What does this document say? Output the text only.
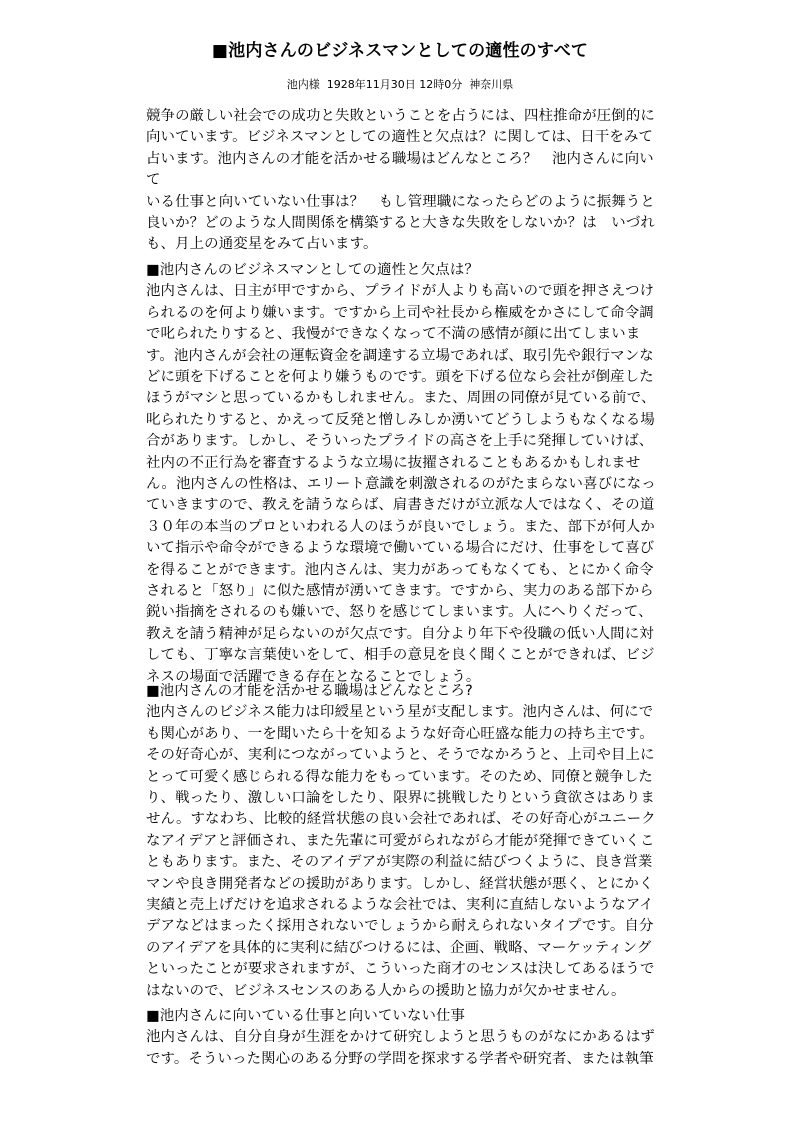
■池内さんのビジネスマンとしての適性のすべて
池内様  1928年11月30日 12時0分  神奈川県
競争の厳しい社会での成功と失敗ということを占うには、四柱推命が圧倒的に
向いています。ビジネスマンとしての適性と欠点は？に関しては、日干をみて
占います。池内さんの才能を活かせる職場はどんなところ？　池内さんに向いて
いる仕事と向いていない仕事は？　もし管理職になったらどのように振舞うと
良いか？どのような人間関係を構築すると大きな失敗をしないか？は　いづれ
も、月上の通変星をみて占います。
■池内さんのビジネスマンとしての適性と欠点は？
池内さんは、日主が甲ですから、プライドが人よりも高いので頭を押さえつけ
られるのを何より嫌います。ですから上司や社長から権威をかさにして命令調
で叱られたりすると、我慢ができなくなって不満の感情が顔に出てしまいま
す。池内さんが会社の運転資金を調達する立場であれば、取引先や銀行マンな
どに頭を下げることを何より嫌うものです。頭を下げる位なら会社が倒産した
ほうがマシと思っているかもしれません。また、周囲の同僚が見ている前で、
叱られたりすると、かえって反発と憎しみしか湧いてどうしようもなくなる場
合があります。しかし、そういったプライドの高さを上手に発揮していけば、
社内の不正行為を審査するような立場に抜擢されることもあるかもしれませ
ん。池内さんの性格は、エリート意識を刺激されるのがたまらない喜びになっ
ていきますので、教えを請うならば、肩書きだけが立派な人ではなく、その道
３０年の本当のプロといわれる人のほうが良いでしょう。また、部下が何人か
いて指示や命令ができるような環境で働いている場合にだけ、仕事をして喜び
を得ることができます。池内さんは、実力があってもなくても、とにかく命令
されると「怒り」に似た感情が湧いてきます。ですから、実力のある部下から
鋭い指摘をされるのも嫌いで、怒りを感じてしまいます。人にへりくだって、
教えを請う精神が足らないのが欠点です。自分より年下や役職の低い人間に対
しても、丁寧な言葉使いをして、相手の意見を良く聞くことができれば、ビジ
ネスの場面で活躍できる存在となることでしょう。
■池内さんの才能を活かせる職場はどんなところ?
池内さんのビジネス能力は印綬星という星が支配します。池内さんは、何にで
も関心があり、一を聞いたら十を知るような好奇心旺盛な能力の持ち主です。
その好奇心が、実利につながっていようと、そうでなかろうと、上司や目上に
とって可愛く感じられる得な能力をもっています。そのため、同僚と競争した
り、戦ったり、激しい口論をしたり、限界に挑戦したりという貪欲さはありま
せん。すなわち、比較的経営状態の良い会社であれば、その好奇心がユニーク
なアイデアと評価され、また先輩に可愛がられながら才能が発揮できていくこ
ともあります。また、そのアイデアが実際の利益に結びつくように、良き営業
マンや良き開発者などの援助があります。しかし、経営状態が悪く、とにかく
実績と売上げだけを追求されるような会社では、実利に直結しないようなアイ
デアなどはまったく採用されないでしょうから耐えられないタイプです。自分
のアイデアを具体的に実利に結びつけるには、企画、戦略、マーケッティング
といったことが要求されますが、こういった商才のセンスは決してあるほうで
はないので、ビジネスセンスのある人からの援助と協力が欠かせません。
■池内さんに向いている仕事と向いていない仕事
池内さんは、自分自身が生涯をかけて研究しようと思うものがなにかあるはず
です。そういった関心のある分野の学問を探求する学者や研究者、または執筆
